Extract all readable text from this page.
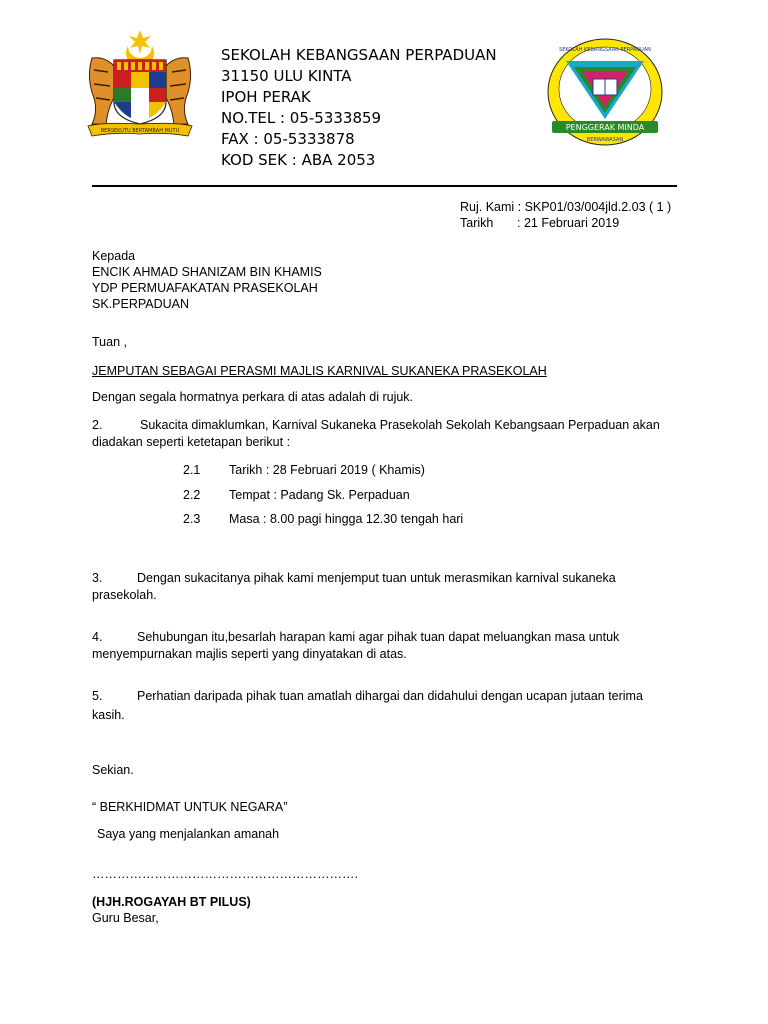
BERSEKUTU BERTAMBAH MUTU
SEKOLAH KEBANGSAAN PERPADUAN
31150 ULU KINTA
IPOH PERAK
NO.TEL : 05-5333859
FAX : 05-5333878
KOD SEK : ABA 2053
PENGGERAK MINDA
BERWAWASAN
SEKOLAH KEBANGSAAN PERPADUAN
Ruj. Kami : SKP01/03/004jld.2.03 ( 1 )
Tarikh : 21 Februari 2019
Kepada
ENCIK AHMAD SHANIZAM BIN KHAMIS
YDP PERMUAFAKATAN PRASEKOLAH
SK.PERPADUAN
Tuan ,
JEMPUTAN SEBAGAI PERASMI MAJLIS KARNIVAL SUKANEKA PRASEKOLAH
Dengan segala hormatnya perkara di atas adalah di rujuk.
2.	Sukacita dimaklumkan, Karnival Sukaneka Prasekolah Sekolah Kebangsaan Perpaduan akan
diadakan seperti ketetapan berikut :
2.1 Tarikh : 28 Februari 2019 ( Khamis)
2.2 Tempat : Padang Sk. Perpaduan
2.3 Masa : 8.00 pagi hingga 12.30 tengah hari
3.	Dengan sukacitanya pihak kami menjemput tuan untuk merasmikan karnival sukaneka
prasekolah.
4.	Sehubungan itu,besarlah harapan kami agar pihak tuan dapat meluangkan masa untuk
menyempurnakan majlis seperti yang dinyatakan di atas.
5.	Perhatian daripada pihak tuan amatlah dihargai dan didahului dengan ucapan jutaan terima
kasih.
Sekian.
“ BERKHIDMAT UNTUK NEGARA”
Saya yang menjalankan amanah
……………………………………………………….
(HJH.ROGAYAH BT PILUS)
Guru Besar,
